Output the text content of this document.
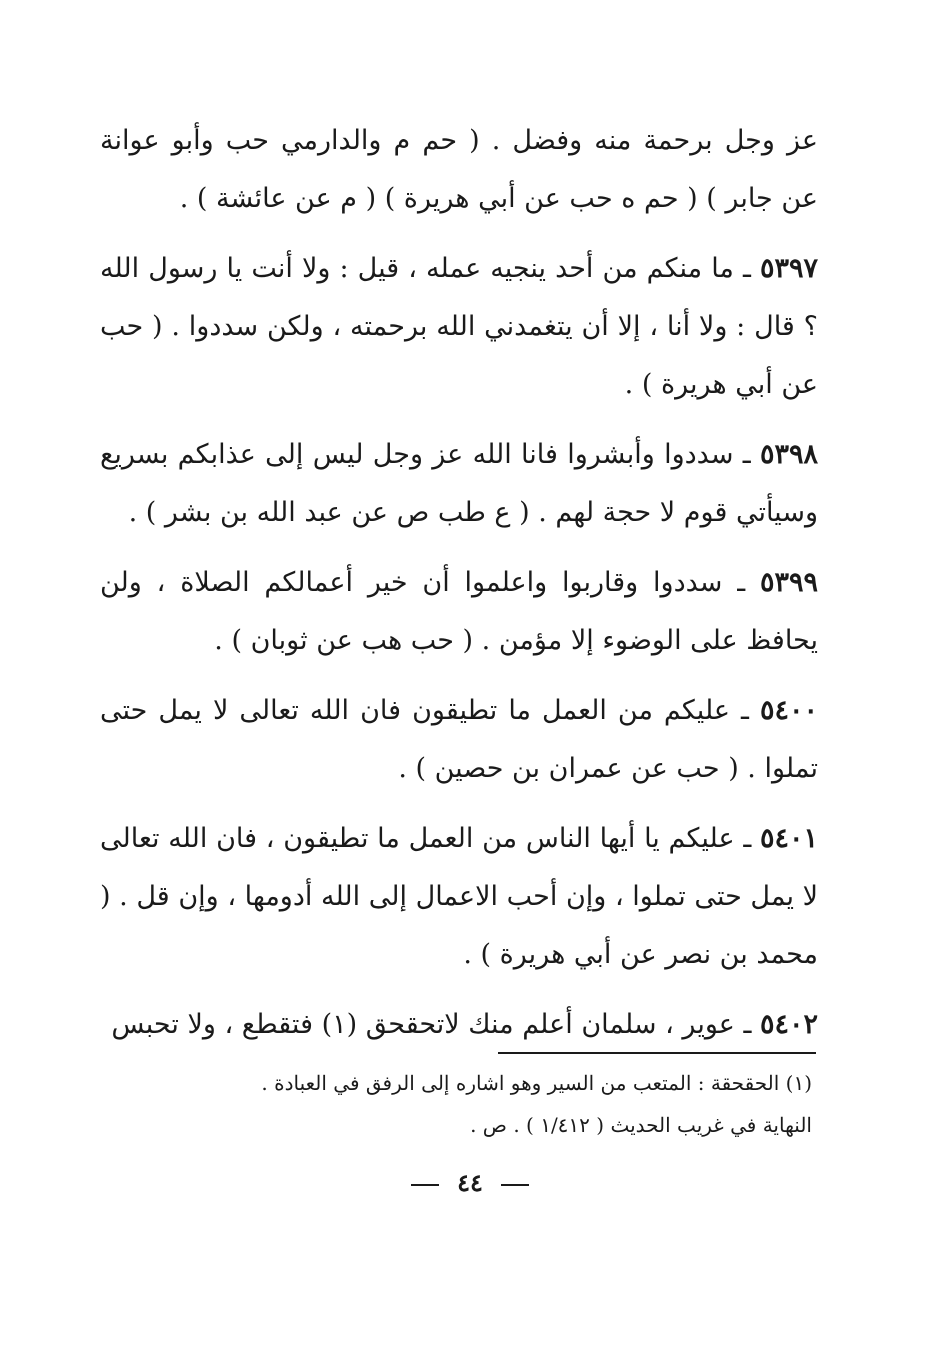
عز وجل برحمة منه وفضل . ( حم م والدارمي حب وأبو عوانة عن جابر ) ( حم ه حب عن أبي هريرة ) ( م عن عائشة ) .

٥٣٩٧ ـ ما منكم من أحد ينجيه عمله ، قيل : ولا أنت يا رسول الله ؟ قال : ولا أنا ، إلا أن يتغمدني الله برحمته ، ولكن سددوا . ( حب عن أبي هريرة ) .

٥٣٩٨ ـ سددوا وأبشروا فانا الله عز وجل ليس إلى عذابكم بسريع وسيأتي قوم لا حجة لهم . ( ع طب ص عن عبد الله بن بشر ) .

٥٣٩٩ ـ سددوا وقاربوا واعلموا أن خير أعمالكم الصلاة ، ولن يحافظ على الوضوء إلا مؤمن . ( حب هب عن ثوبان ) .

٥٤٠٠ ـ عليكم من العمل ما تطيقون فان الله تعالى لا يمل حتى تملوا . ( حب عن عمران بن حصين ) .

٥٤٠١ ـ عليكم يا أيها الناس من العمل ما تطيقون ، فان الله تعالى لا يمل حتى تملوا ، وإن أحب الاعمال إلى الله أدومها ، وإن قل . ( محمد بن نصر عن أبي هريرة ) .

٥٤٠٢ ـ عوير ، سلمان أعلم منك لاتحقحق (١) فتقطع ، ولا تحبس

(١) الحقحقة : المتعب من السير وهو اشاره إلى الرفق في العبادة .

النهاية في غريب الحديث ( ١/٤١٢ ) . ص .

٤٤
